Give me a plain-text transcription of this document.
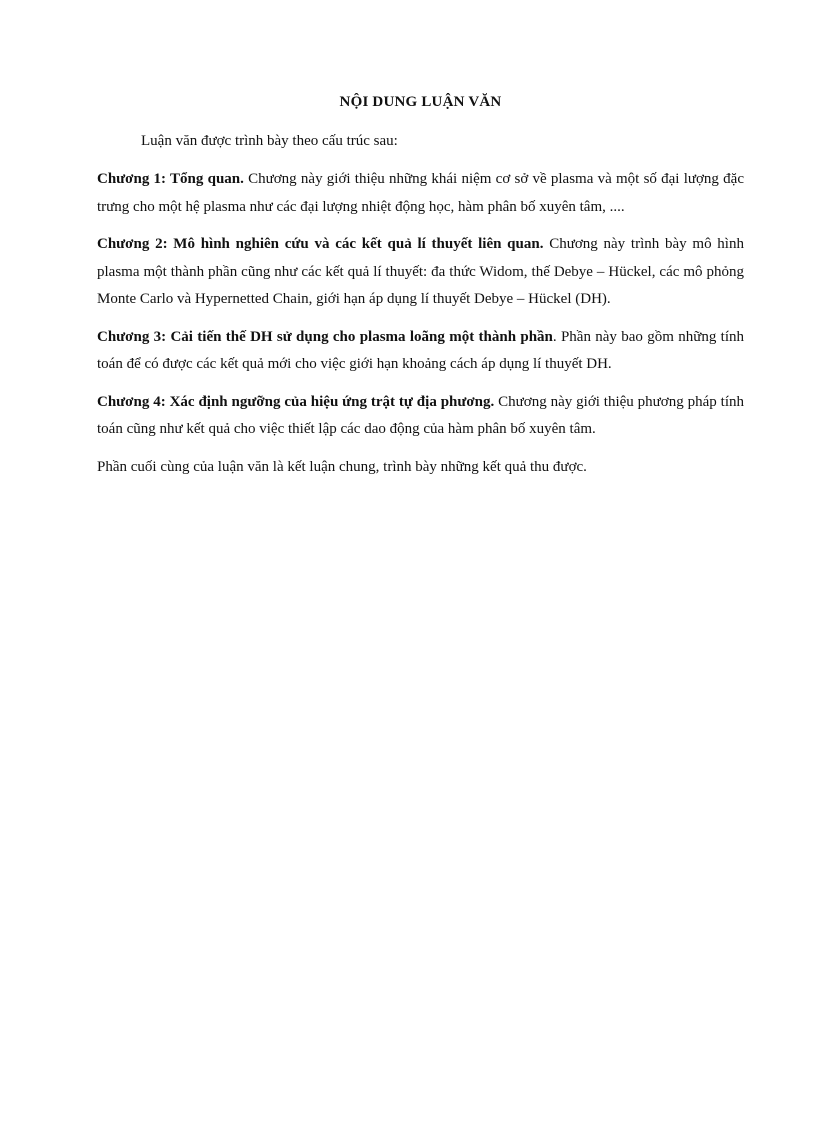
NỘI DUNG LUẬN VĂN

Luận văn được trình bày theo cấu trúc sau:

Chương 1: Tổng quan. Chương này giới thiệu những khái niệm cơ sở về plasma và một số đại lượng đặc trưng cho một hệ plasma như các đại lượng nhiệt động học, hàm phân bố xuyên tâm, ....

Chương 2: Mô hình nghiên cứu và các kết quả lí thuyết liên quan. Chương này trình bày mô hình plasma một thành phần cũng như các kết quả lí thuyết: đa thức Widom, thế Debye – Hückel, các mô phỏng Monte Carlo và Hypernetted Chain, giới hạn áp dụng lí thuyết Debye – Hückel (DH).

Chương 3: Cải tiến thế DH sử dụng cho plasma loãng một thành phần. Phần này bao gồm những tính toán để có được các kết quả mới cho việc giới hạn khoảng cách áp dụng lí thuyết DH.

Chương 4: Xác định ngưỡng của hiệu ứng trật tự địa phương. Chương này giới thiệu phương pháp tính toán cũng như kết quả cho việc thiết lập các dao động của hàm phân bố xuyên tâm.

Phần cuối cùng của luận văn là kết luận chung, trình bày những kết quả thu được.
